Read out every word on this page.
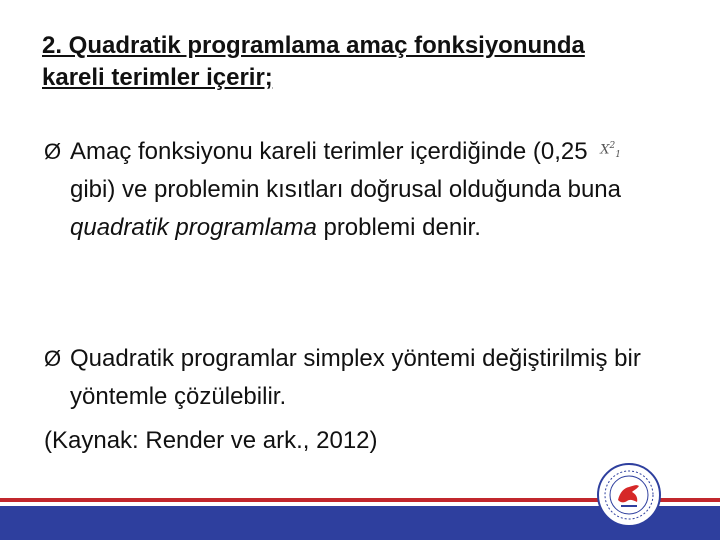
2. Quadratik programlama amaç fonksiyonunda
kareli terimler içerir;
Ø Amaç fonksiyonu kareli terimler içerdiğinde (0,25 $X^2_1$
gibi) ve problemin kısıtları doğrusal olduğunda buna quadratik programlama problemi denir.
Ø Quadratik programlar simplex yöntemi değiştirilmiş bir yöntemle çözülebilir.
(Kaynak: Render ve ark., 2012)
